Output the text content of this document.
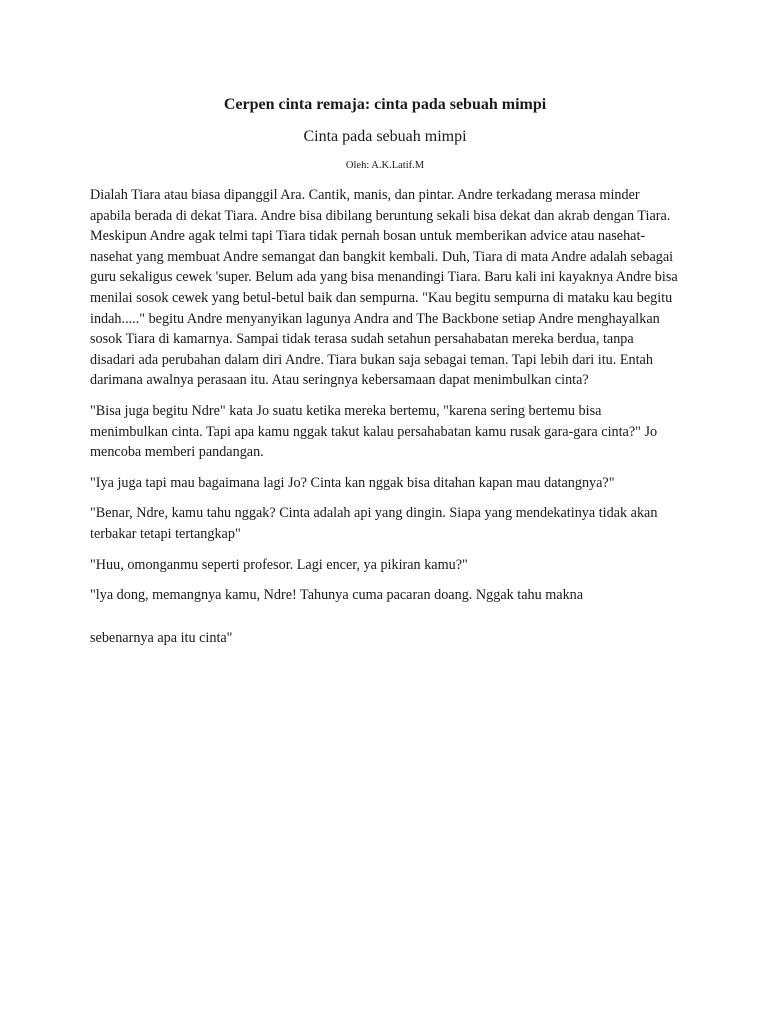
Cerpen cinta remaja: cinta pada sebuah mimpi
Cinta pada sebuah mimpi
Oleh: A.K.Latif.M

Dialah Tiara atau biasa dipanggil Ara. Cantik, manis, dan pintar. Andre terkadang merasa minder apabila berada di dekat Tiara. Andre bisa dibilang beruntung sekali bisa dekat dan akrab dengan Tiara. Meskipun Andre agak telmi tapi Tiara tidak pernah bosan untuk memberikan advice atau nasehat-nasehat yang membuat Andre semangat dan bangkit kembali. Duh, Tiara di mata Andre adalah sebagai guru sekaligus cewek 'super. Belum ada yang bisa menandingi Tiara. Baru kali ini kayaknya Andre bisa menilai sosok cewek yang betul-betul baik dan sempurna. "Kau begitu sempurna di mataku kau begitu indah....." begitu Andre menyanyikan lagunya Andra and The Backbone setiap Andre menghayalkan sosok Tiara di kamarnya. Sampai tidak terasa sudah setahun persahabatan mereka berdua, tanpa disadari ada perubahan dalam diri Andre. Tiara bukan saja sebagai teman. Tapi lebih dari itu. Entah darimana awalnya perasaan itu. Atau seringnya kebersamaan dapat menimbulkan cinta?

"Bisa juga begitu Ndre" kata Jo suatu ketika mereka bertemu, "karena sering bertemu bisa menimbulkan cinta. Tapi apa kamu nggak takut kalau persahabatan kamu rusak gara-gara cinta?" Jo mencoba memberi pandangan.

"Iya juga tapi mau bagaimana lagi Jo? Cinta kan nggak bisa ditahan kapan mau datangnya?"

"Benar, Ndre, kamu tahu nggak? Cinta adalah api yang dingin. Siapa yang mendekatinya tidak akan terbakar tetapi tertangkap"

"Huu, omonganmu seperti profesor. Lagi encer, ya pikiran kamu?"

"lya dong, memangnya kamu, Ndre! Tahunya cuma pacaran doang. Nggak tahu makna

sebenarnya apa itu cinta"
